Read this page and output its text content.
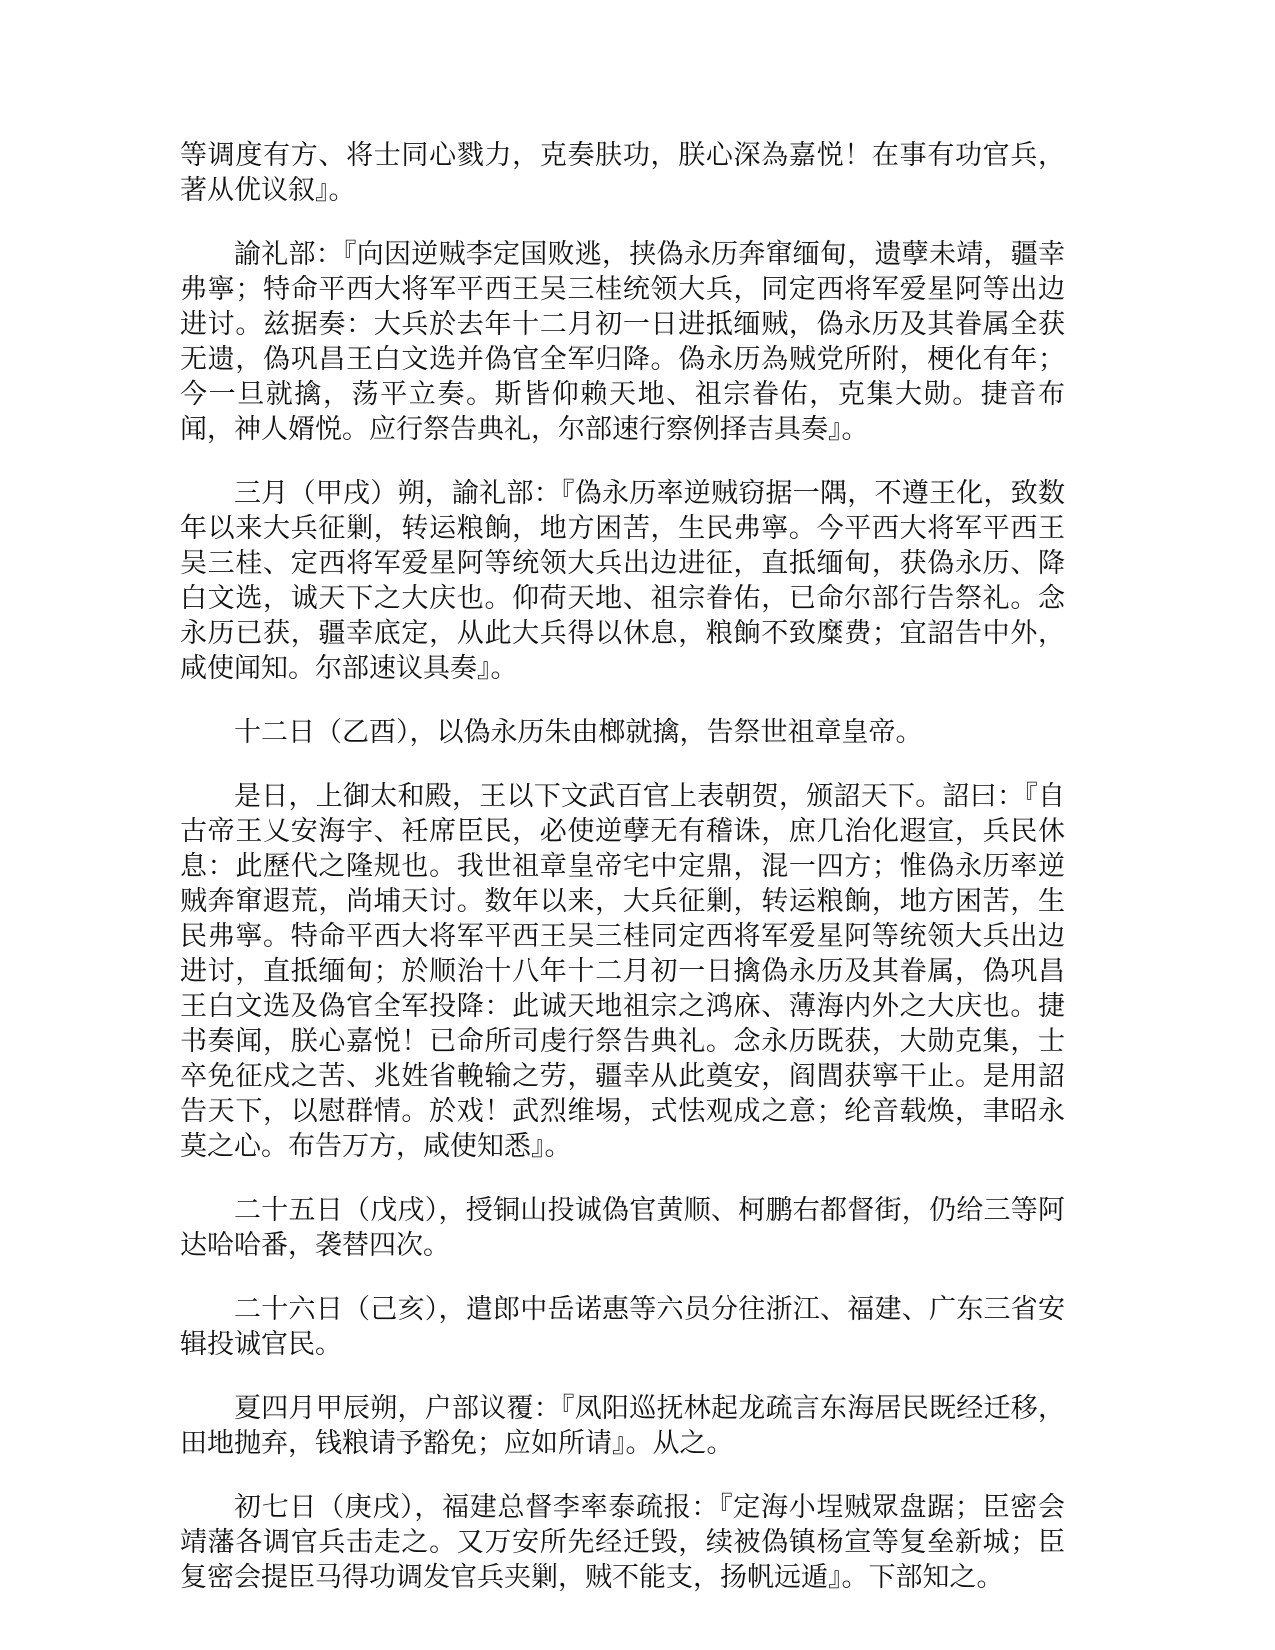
等调度有方、将士同心戮力，克奏肤功，朕心深為嘉悦！在事有功官兵，著从优议叙』。

諭礼部：『向因逆贼李定国败逃，挟偽永历奔窜缅甸，遗孽未靖，疆幸弗寧；特命平西大将军平西王吴三桂统领大兵，同定西将军爱星阿等出边进讨。兹据奏：大兵於去年十二月初一日进抵缅贼，偽永历及其眷属全获无遗，偽巩昌王白文选并偽官全军归降。偽永历為贼党所附，梗化有年；今一旦就擒，荡平立奏。斯皆仰赖天地、祖宗眷佑，克集大勋。捷音布闻，神人婿悦。应行祭告典礼，尔部速行察例择吉具奏』。

三月（甲戌）朔，諭礼部：『偽永历率逆贼窃据一隅，不遵王化，致数年以来大兵征剿，转运粮餉，地方困苦，生民弗寧。今平西大将军平西王吴三桂、定西将军爱星阿等统领大兵出边进征，直抵缅甸，获偽永历、降白文选，诚天下之大庆也。仰荷天地、祖宗眷佑，已命尔部行告祭礼。念永历已获，疆幸底定，从此大兵得以休息，粮餉不致糜费；宜詔告中外，咸使闻知。尔部速议具奏』。

十二日（乙酉），以偽永历朱由榔就擒，告祭世祖章皇帝。

是日，上御太和殿，王以下文武百官上表朝贺，颁詔天下。詔曰：『自古帝王乂安海宇、衽席臣民，必使逆孽无有稽诛，庶几治化遐宣，兵民休息：此歷代之隆规也。我世祖章皇帝宅中定鼎，混一四方；惟偽永历率逆贼奔窜遐荒，尚埔天讨。数年以来，大兵征剿，转运粮餉，地方困苦，生民弗寧。特命平西大将军平西王吴三桂同定西将军爱星阿等统领大兵出边进讨，直抵缅甸；於顺治十八年十二月初一日擒偽永历及其眷属，偽巩昌王白文选及偽官全军投降：此诚天地祖宗之鸿庥、薄海内外之大庆也。捷书奏闻，朕心嘉悦！已命所司虔行祭告典礼。念永历既获，大勋克集，士卒免征戍之苦、兆姓省輓输之劳，疆幸从此奠安，阎閭获寧干止。是用詔告天下，以慰群情。於戏！武烈维埸，式怯观成之意；纶音载焕，聿昭永莫之心。布告万方，咸使知悉』。

二十五日（戊戌），授铜山投诚偽官黄顺、柯鹏右都督街，仍给三等阿达哈哈番，袭替四次。

二十六日（己亥），遣郎中岳诺惠等六员分往浙江、福建、广东三省安辑投诚官民。

夏四月甲辰朔，户部议覆：『凤阳巡抚林起龙疏言东海居民既经迁移，田地抛弃，钱粮请予豁免；应如所请』。从之。

初七日（庚戌），福建总督李率泰疏报：『定海小埕贼眾盘踞；臣密会靖藩各调官兵击走之。又万安所先经迁毁，续被偽镇杨宣等复垒新城；臣复密会提臣马得功调发官兵夹剿，贼不能支，扬帆远遁』。下部知之。
